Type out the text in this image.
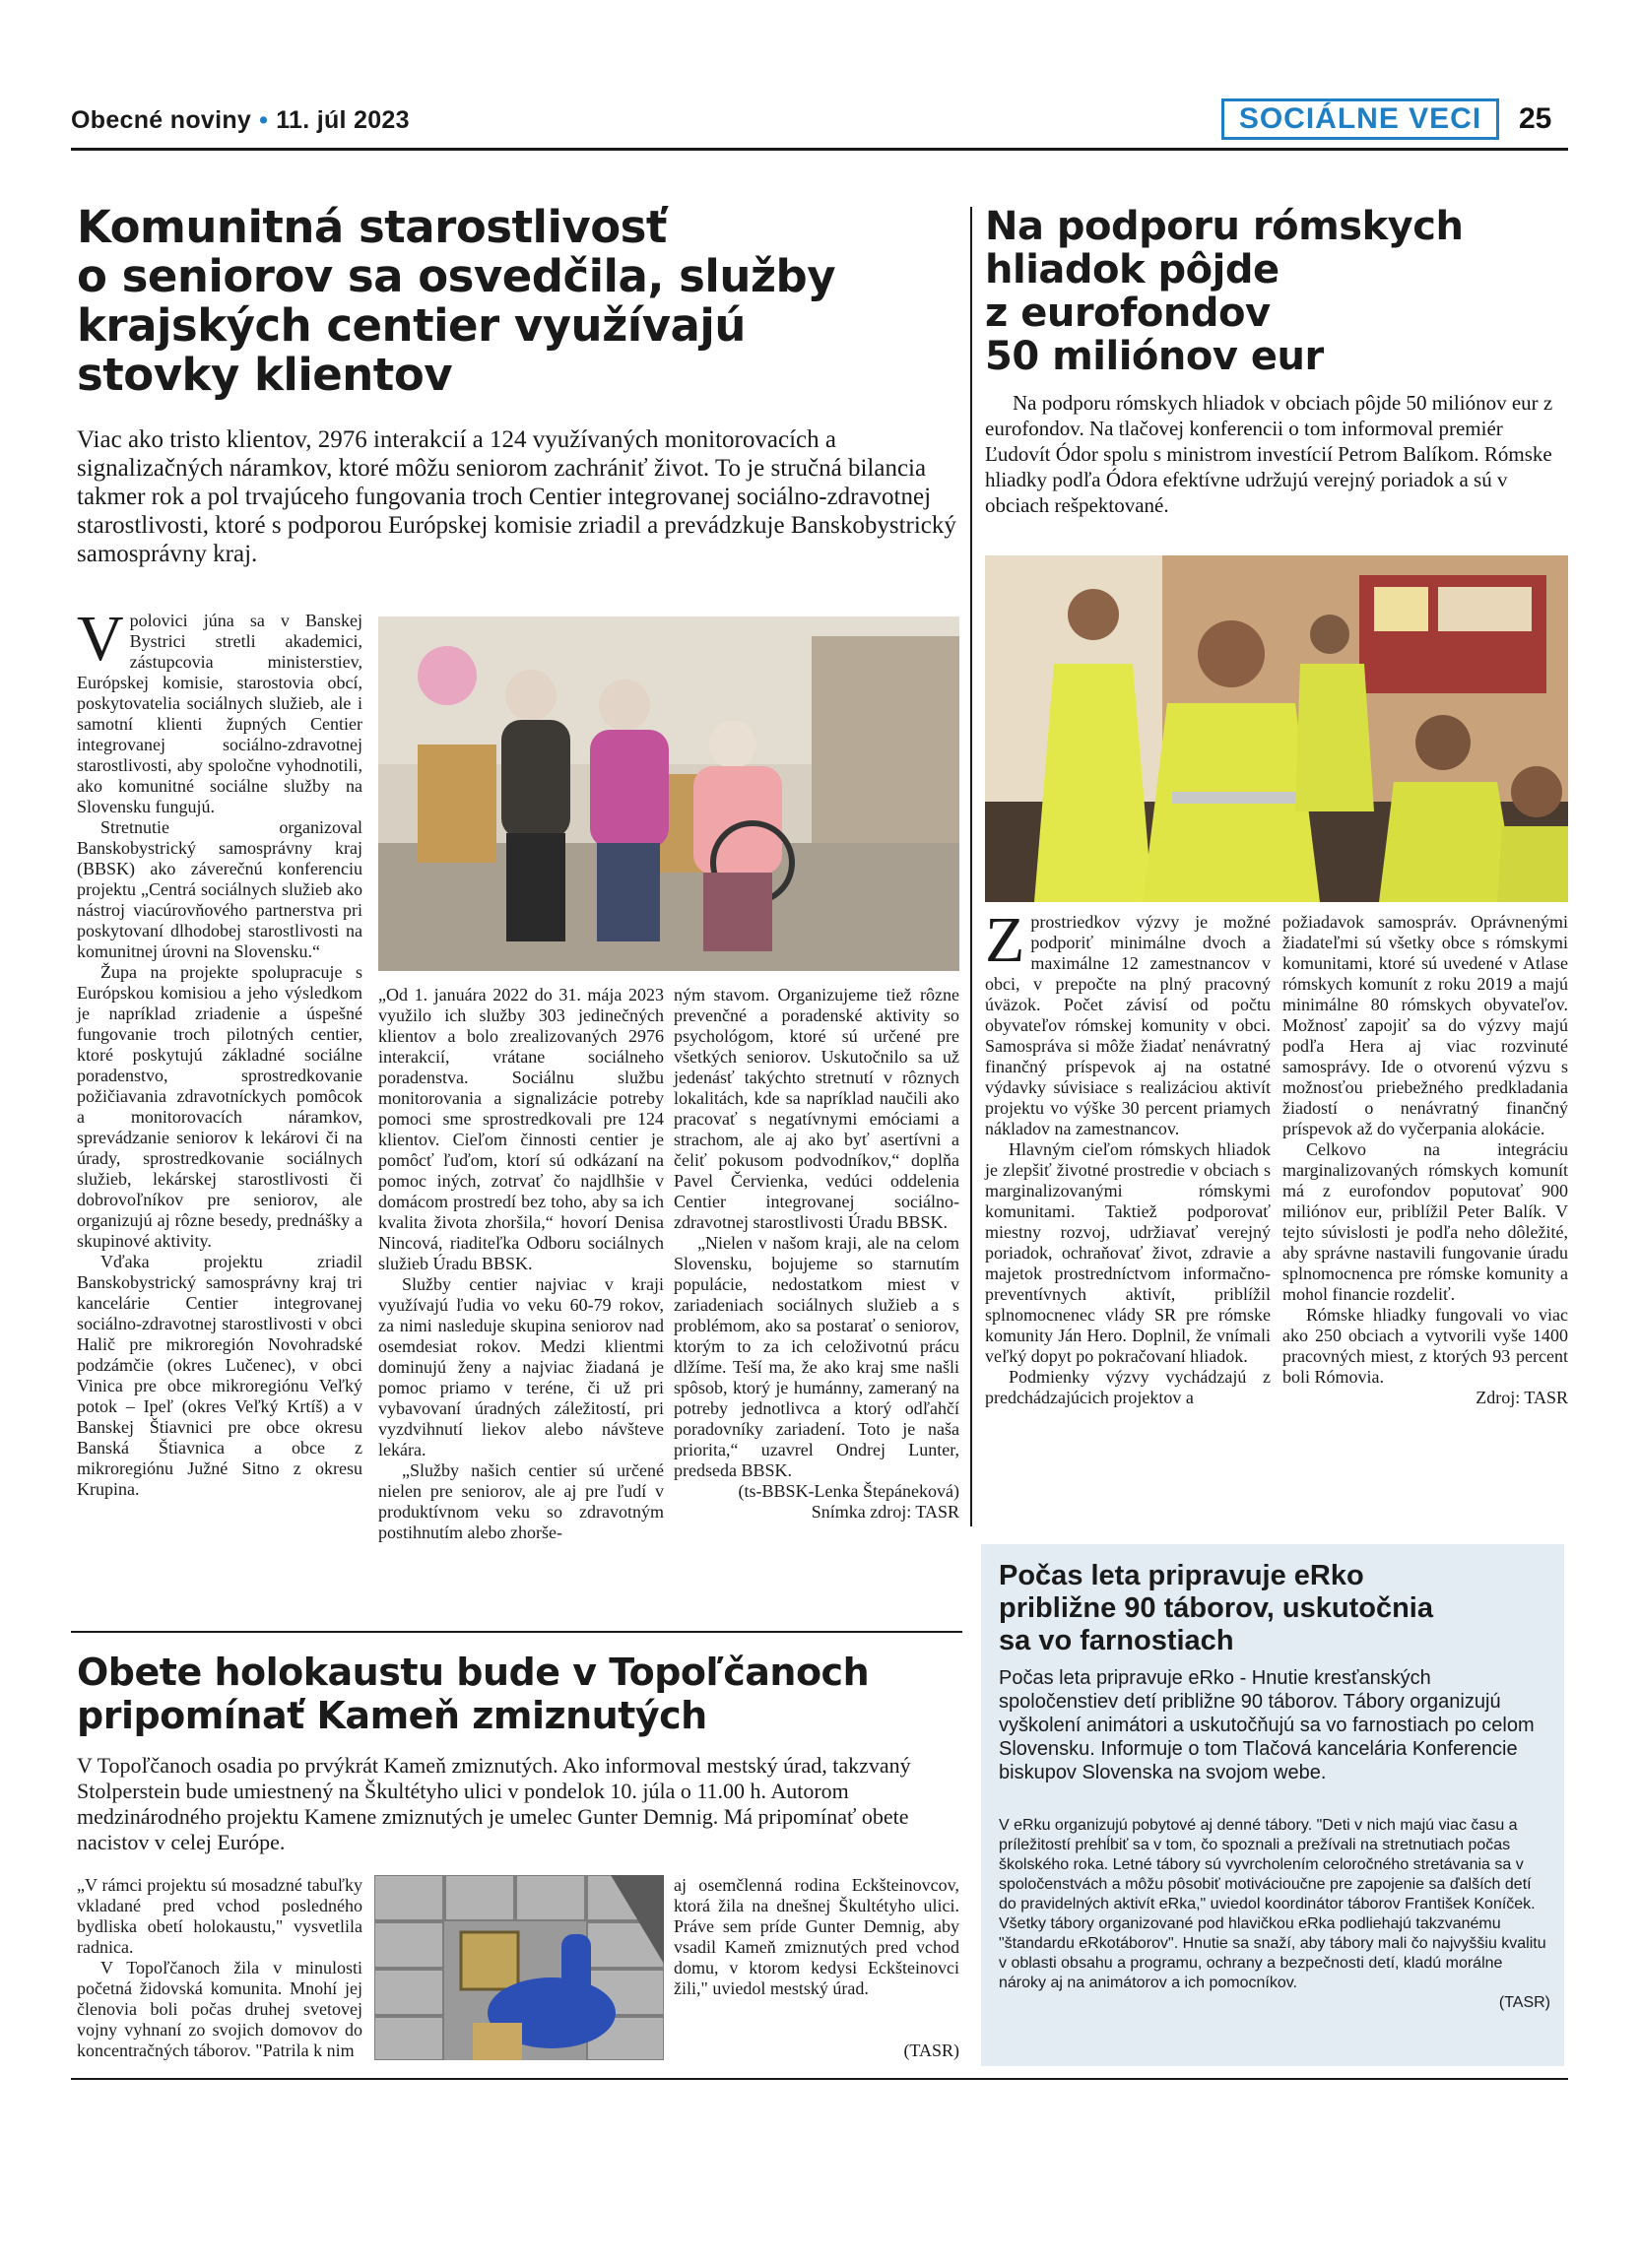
Obecné noviny • 11. júl 2023	SOCIÁLNE VECI	25
Komunitná starostlivosť
o seniorov sa osvedčila, služby
krajských centier využívajú
stovky klientov
Viac ako tristo klientov, 2976 interakcií a 124 využívaných monitorovacích a signalizačných náramkov, ktoré môžu seniorom zachrániť život. To je stručná bilancia takmer rok a pol trvajúceho fungovania troch Centier integrovanej sociálno-zdravotnej starostlivosti, ktoré s podporou Európskej komisie zriadil a prevádzkuje Banskobystrický samosprávny kraj.

Vpolovici júna sa v Banskej Bystrici stretli akademici, zástupcovia ministerstiev, Európskej komisie, starostovia obcí, poskytovatelia sociálnych služieb, ale i samotní klienti župných Centier integrovanej sociálno-zdravotnej starostlivosti, aby spoločne vyhodnotili, ako komunitné sociálne služby na Slovensku fungujú.

Stretnutie organizoval Banskobystrický samosprávny kraj (BBSK) ako záverečnú konferenciu projektu „Centrá sociálnych služieb ako nástroj viacúrovňového partnerstva pri poskytovaní dlhodobej starostlivosti na komunitnej úrovni na Slovensku.“

Župa na projekte spolupracuje s Európskou komisiou a jeho výsledkom je napríklad zriadenie a úspešné fungovanie troch pilotných centier, ktoré poskytujú základné sociálne poradenstvo, sprostredkovanie požičiavania zdravotníckych pomôcok a monitorovacích náramkov, sprevádzanie seniorov k lekárovi či na úrady, sprostredkovanie sociálnych služieb, lekárskej starostlivosti či dobrovoľníkov pre seniorov, ale organizujú aj rôzne besedy, prednášky a skupinové aktivity.

Vďaka projektu zriadil Banskobystrický samosprávny kraj tri kancelárie Centier integrovanej sociálno-zdravotnej starostlivosti v obci Halič pre mikroregión Novohradské podzámčie (okres Lučenec), v obci Vinica pre obce mikroregiónu Veľký potok – Ipeľ (okres Veľký Krtíš) a v Banskej Štiavnici pre obce okresu Banská Štiavnica a obce z mikroregiónu Južné Sitno z okresu Krupina.

„Od 1. januára 2022 do 31. mája 2023 využilo ich služby 303 jedinečných klientov a bolo zrealizovaných 2976 interakcií, vrátane sociálneho poradenstva. Sociálnu službu monitorovania a signalizácie potreby pomoci sme sprostredkovali pre 124 klientov. Cieľom činnosti centier je pomôcť ľuďom, ktorí sú odkázaní na pomoc iných, zotrvať čo najdlhšie v domácom prostredí bez toho, aby sa ich kvalita života zhoršila,“ hovorí Denisa Nincová, riaditeľka Odboru sociálnych služieb Úradu BBSK.

Služby centier najviac v kraji využívajú ľudia vo veku 60-79 rokov, za nimi nasleduje skupina seniorov nad osemdesiat rokov. Medzi klientmi dominujú ženy a najviac žiadaná je pomoc priamo v teréne, či už pri vybavovaní úradných záležitostí, pri vyzdvihnutí liekov alebo návšteve lekára.

„Služby našich centier sú určené nielen pre seniorov, ale aj pre ľudí v produktívnom veku so zdravotným postihnutím alebo zhorše-

ným stavom. Organizujeme tiež rôzne prevenčné a poradenské aktivity so psychológom, ktoré sú určené pre všetkých seniorov. Uskutočnilo sa už jedenásť takýchto stretnutí v rôznych lokalitách, kde sa napríklad naučili ako pracovať s negatívnymi emóciami a strachom, ale aj ako byť asertívni a čeliť pokusom podvodníkov,“ doplňa Pavel Červienka, vedúci oddelenia Centier integrovanej sociálno-zdravotnej starostlivosti Úradu BBSK.

„Nielen v našom kraji, ale na celom Slovensku, bojujeme so starnutím populácie, nedostatkom miest v zariadeniach sociálnych služieb a s problémom, ako sa postarať o seniorov, ktorým to za ich celoživotnú prácu dlžíme. Teší ma, že ako kraj sme našli spôsob, ktorý je humánny, zameraný na potreby jednotlivca a ktorý odľahčí poradovníky zariadení. Toto je naša priorita,“ uzavrel Ondrej Lunter, predseda BBSK.

(ts-BBSK-Lenka Štepáneková)

Snímka zdroj: TASR

Na podporu rómskych
hliadok pôjde
z eurofondov
50 miliónov eur
Na podporu rómskych hliadok v obciach pôjde 50 miliónov eur z eurofondov. Na tlačovej konferencii o tom informoval premiér Ľudovít Ódor spolu s ministrom investícií Petrom Balíkom. Rómske hliadky podľa Ódora efektívne udržujú verejný poriadok a sú v obciach rešpektované.

Zprostriedkov výzvy je možné podporiť minimálne dvoch a maximálne 12 zamestnancov v obci, v prepočte na plný pracovný úväzok. Počet závisí od počtu obyvateľov rómskej komunity v obci. Samospráva si môže žiadať nenávratný finančný príspevok aj na ostatné výdavky súvisiace s realizáciou aktivít projektu vo výške 30 percent priamych nákladov na zamestnancov.

Hlavným cieľom rómskych hliadok je zlepšiť životné prostredie v obciach s marginalizovanými rómskymi komunitami. Taktiež podporovať miestny rozvoj, udržiavať verejný poriadok, ochraňovať život, zdravie a majetok prostredníctvom informačno-preventívnych aktivít, priblížil splnomocnenec vlády SR pre rómske komunity Ján Hero. Doplnil, že vnímali veľký dopyt po pokračovaní hliadok.

Podmienky výzvy vychádzajú z predchádzajúcich projektov a

požiadavok samospráv. Oprávnenými žiadateľmi sú všetky obce s rómskymi komunitami, ktoré sú uvedené v Atlase rómskych komunít z roku 2019 a majú minimálne 80 rómskych obyvateľov. Možnosť zapojiť sa do výzvy majú podľa Hera aj viac rozvinuté samosprávy. Ide o otvorenú výzvu s možnosťou priebežného predkladania žiadostí o nenávratný finančný príspevok až do vyčerpania alokácie.

Celkovo na integráciu marginalizovaných rómskych komunít má z eurofondov poputovať 900 miliónov eur, priblížil Peter Balík. V tejto súvislosti je podľa neho dôležité, aby správne nastavili fungovanie úradu splnomocnenca pre rómske komunity a mohol financie rozdeliť.

Rómske hliadky fungovali vo viac ako 250 obciach a vytvorili vyše 1400 pracovných miest, z ktorých 93 percent boli Rómovia.

Zdroj: TASR

Obete holokaustu bude v Topoľčanoch
pripomínať Kameň zmiznutých
V Topoľčanoch osadia po prvýkrát Kameň zmiznutých. Ako informoval mestský úrad, takzvaný Stolperstein bude umiestnený na Škultétyho ulici v pondelok 10. júla o 11.00 h. Autorom medzinárodného projektu Kamene zmiznutých je umelec Gunter Demnig. Má pripomínať obete nacistov v celej Európe.

„V rámci projektu sú mosadzné tabuľky vkladané pred vchod posledného bydliska obetí holokaustu," vysvetlila radnica.

V Topoľčanoch žila v minulosti početná židovská komunita. Mnohí jej členovia boli počas druhej svetovej vojny vyhnaní zo svojich domovov do koncentračných táborov. "Patrila k nim

aj osemčlenná rodina Eckšteinovcov, ktorá žila na dnešnej Škultétyho ulici. Práve sem príde Gunter Demnig, aby vsadil Kameň zmiznutých pred vchod domu, v ktorom kedysi Eckšteinovci žili," uviedol mestský úrad.

(TASR)
Počas leta pripravuje eRko
približne 90 táborov, uskutočnia
sa vo farnostiach
Počas leta pripravuje eRko - Hnutie kresťanských spoločenstiev detí približne 90 táborov. Tábory organizujú vyškolení animátori a uskutočňujú sa vo farnostiach po celom Slovensku. Informuje o tom Tlačová kancelária Konferencie biskupov Slovenska na svojom webe.

V eRku organizujú pobytové aj denné tábory. "Deti v nich majú viac času a príležitostí prehĺbiť sa v tom, čo spoznali a prežívali na stretnutiach počas školského roka. Letné tábory sú vyvrcholením celoročného stretávania sa v spoločenstvách a môžu pôsobiť motivácioučne pre zapojenie sa ďalších detí do pravidelných aktivít eRka," uviedol koordinátor táborov František Koníček.

Všetky tábory organizované pod hlavičkou eRka podliehajú takzvanému "štandardu eRkotáborov". Hnutie sa snaží, aby tábory mali čo najvyššiu kvalitu v oblasti obsahu a programu, ochrany a bezpečnosti detí, kladú morálne nároky aj na animátorov a ich pomocníkov.

(TASR)
